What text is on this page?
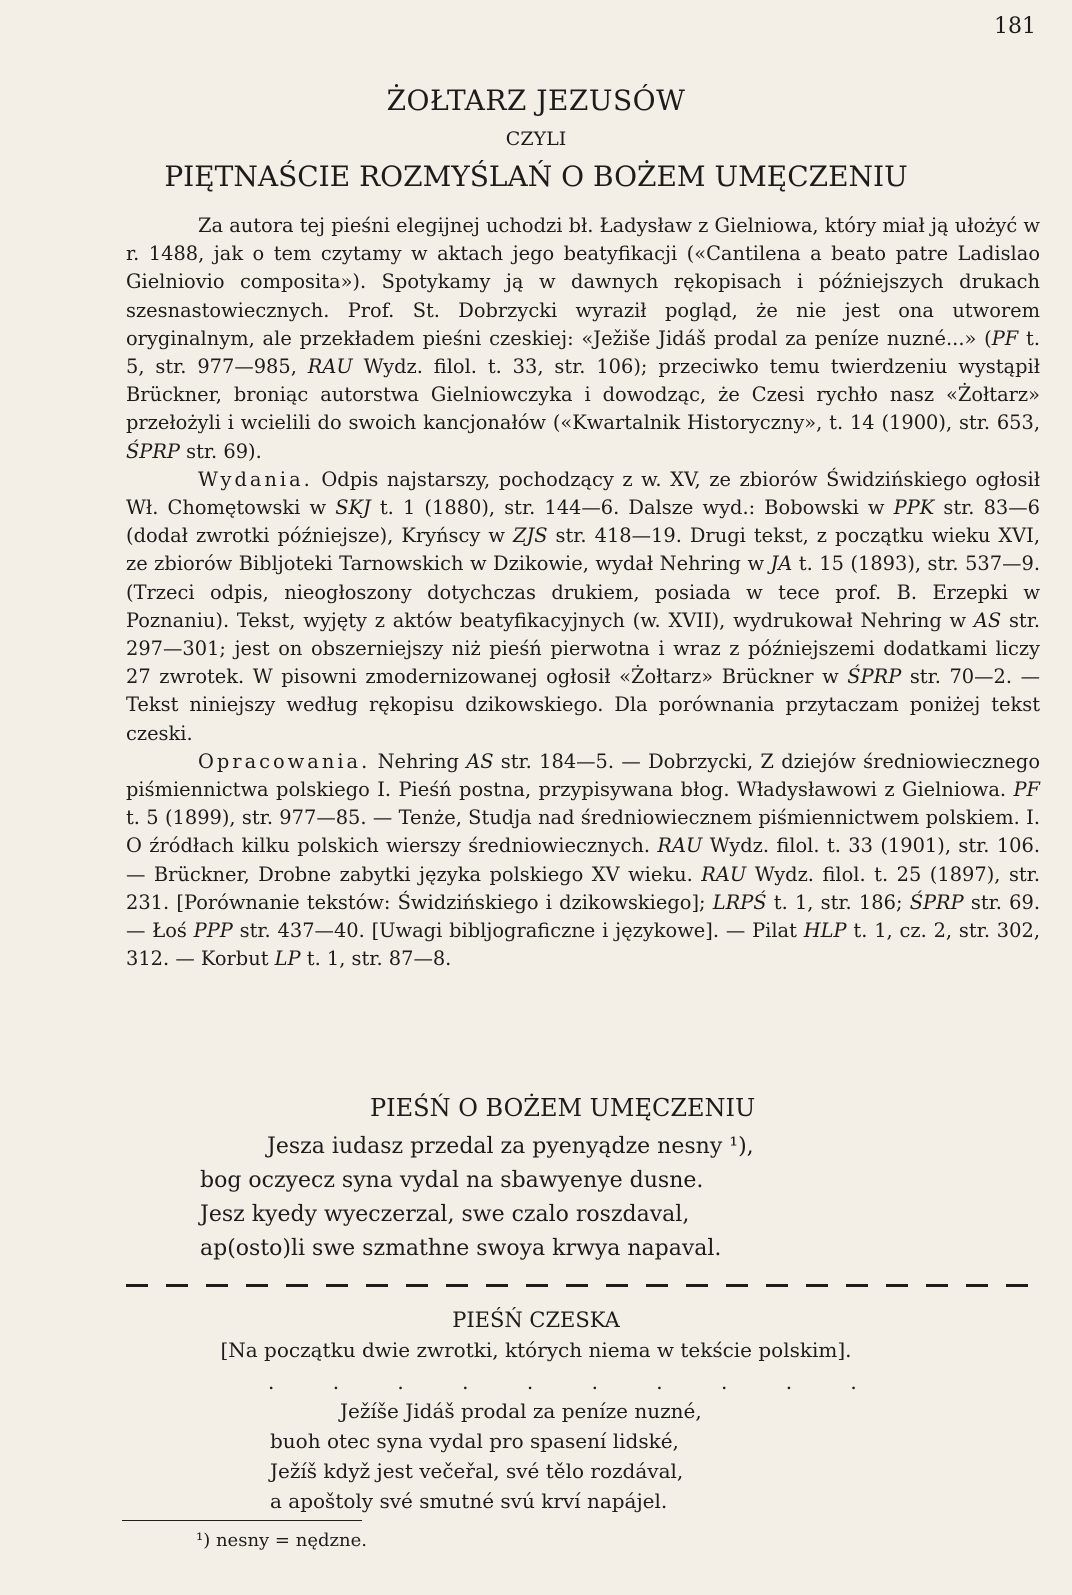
181
ŻOŁTARZ JEZUSÓW
CZYLI
PIĘTNAŚCIE ROZMYŚLAŃ O BOŻEM UMĘCZENIU

Za autora tej pieśni elegijnej uchodzi bł. Ładysław z Gielniowa, który miał ją ułożyć w r. 1488, jak o tem czytamy w aktach jego beatyfikacji («Cantilena a beato patre Ladislao Gielniovio composita»). Spotykamy ją w dawnych rękopisach i późniejszych drukach szesnastowiecznych. Prof. St. Dobrzycki wyraził pogląd, że nie jest ona utworem oryginalnym, ale przekładem pieśni czeskiej: «Ježiše Jidáš prodal za peníze nuzné...» (PF t. 5, str. 977—985, RAU Wydz. filol. t. 33, str. 106); przeciwko temu twierdzeniu wystąpił Brückner, broniąc autorstwa Gielniowczyka i dowodząc, że Czesi rychło nasz «Żołtarz» przełożyli i wcielili do swoich kancjonałów («Kwartalnik Historyczny», t. 14 (1900), str. 653, ŚPRP str. 69).

Wydania. Odpis najstarszy, pochodzący z w. XV, ze zbiorów Świdzińskiego ogłosił Wł. Chomętowski w SKJ t. 1 (1880), str. 144—6. Dalsze wyd.: Bobowski w PPK str. 83—6 (dodał zwrotki późniejsze), Kryńscy w ZJS str. 418—19. Drugi tekst, z początku wieku XVI, ze zbiorów Bibljoteki Tarnowskich w Dzikowie, wydał Nehring w JA t. 15 (1893), str. 537—9. (Trzeci odpis, nieogłoszony dotychczas drukiem, posiada w tece prof. B. Erzepki w Poznaniu). Tekst, wyjęty z aktów beatyfikacyjnych (w. XVII), wydrukował Nehring w AS str. 297—301; jest on obszerniejszy niż pieśń pierwotna i wraz z późniejszemi dodatkami liczy 27 zwrotek. W pisowni zmodernizowanej ogłosił «Żołtarz» Brückner w ŚPRP str. 70—2. — Tekst niniejszy według rękopisu dzikowskiego. Dla porównania przytaczam poniżej tekst czeski.

Opracowania. Nehring AS str. 184—5. — Dobrzycki, Z dziejów średniowiecznego piśmiennictwa polskiego I. Pieśń postna, przypisywana błog. Władysławowi z Gielniowa. PF t. 5 (1899), str. 977—85. — Tenże, Studja nad średniowiecznem piśmiennictwem polskiem. I. O źródłach kilku polskich wierszy średniowiecznych. RAU Wydz. filol. t. 33 (1901), str. 106. — Brückner, Drobne zabytki języka polskiego XV wieku. RAU Wydz. filol. t. 25 (1897), str. 231. [Porównanie tekstów: Świdzińskiego i dzikowskiego]; LRPŚ t. 1, str. 186; ŚPRP str. 69. — Łoś PPP str. 437—40. [Uwagi bibljograficzne i językowe]. — Pilat HLP t. 1, cz. 2, str. 302, 312. — Korbut LP t. 1, str. 87—8.

PIEŚŃ O BOŻEM UMĘCZENIU
Jesza iudasz przedal za pyenyądze nesny ¹),
bog oczyecz syna vydal na sbawyenye dusne.
Jesz kyedy wyeczerzal, swe czalo roszdaval,
ap(osto)li swe szmathne swoya krwya napaval.
PIEŚŃ CZESKA
[Na początku dwie zwrotki, których niema w tekście polskim].
. . . . . . . . . .
Ježíše Jidáš prodal za peníze nuzné,
buoh otec syna vydal pro spasení lidské,
Ježíš když jest večeřal, své tělo rozdával,
a apoštoly své smutné svú krví napájel.
¹) nesny = nędzne.
